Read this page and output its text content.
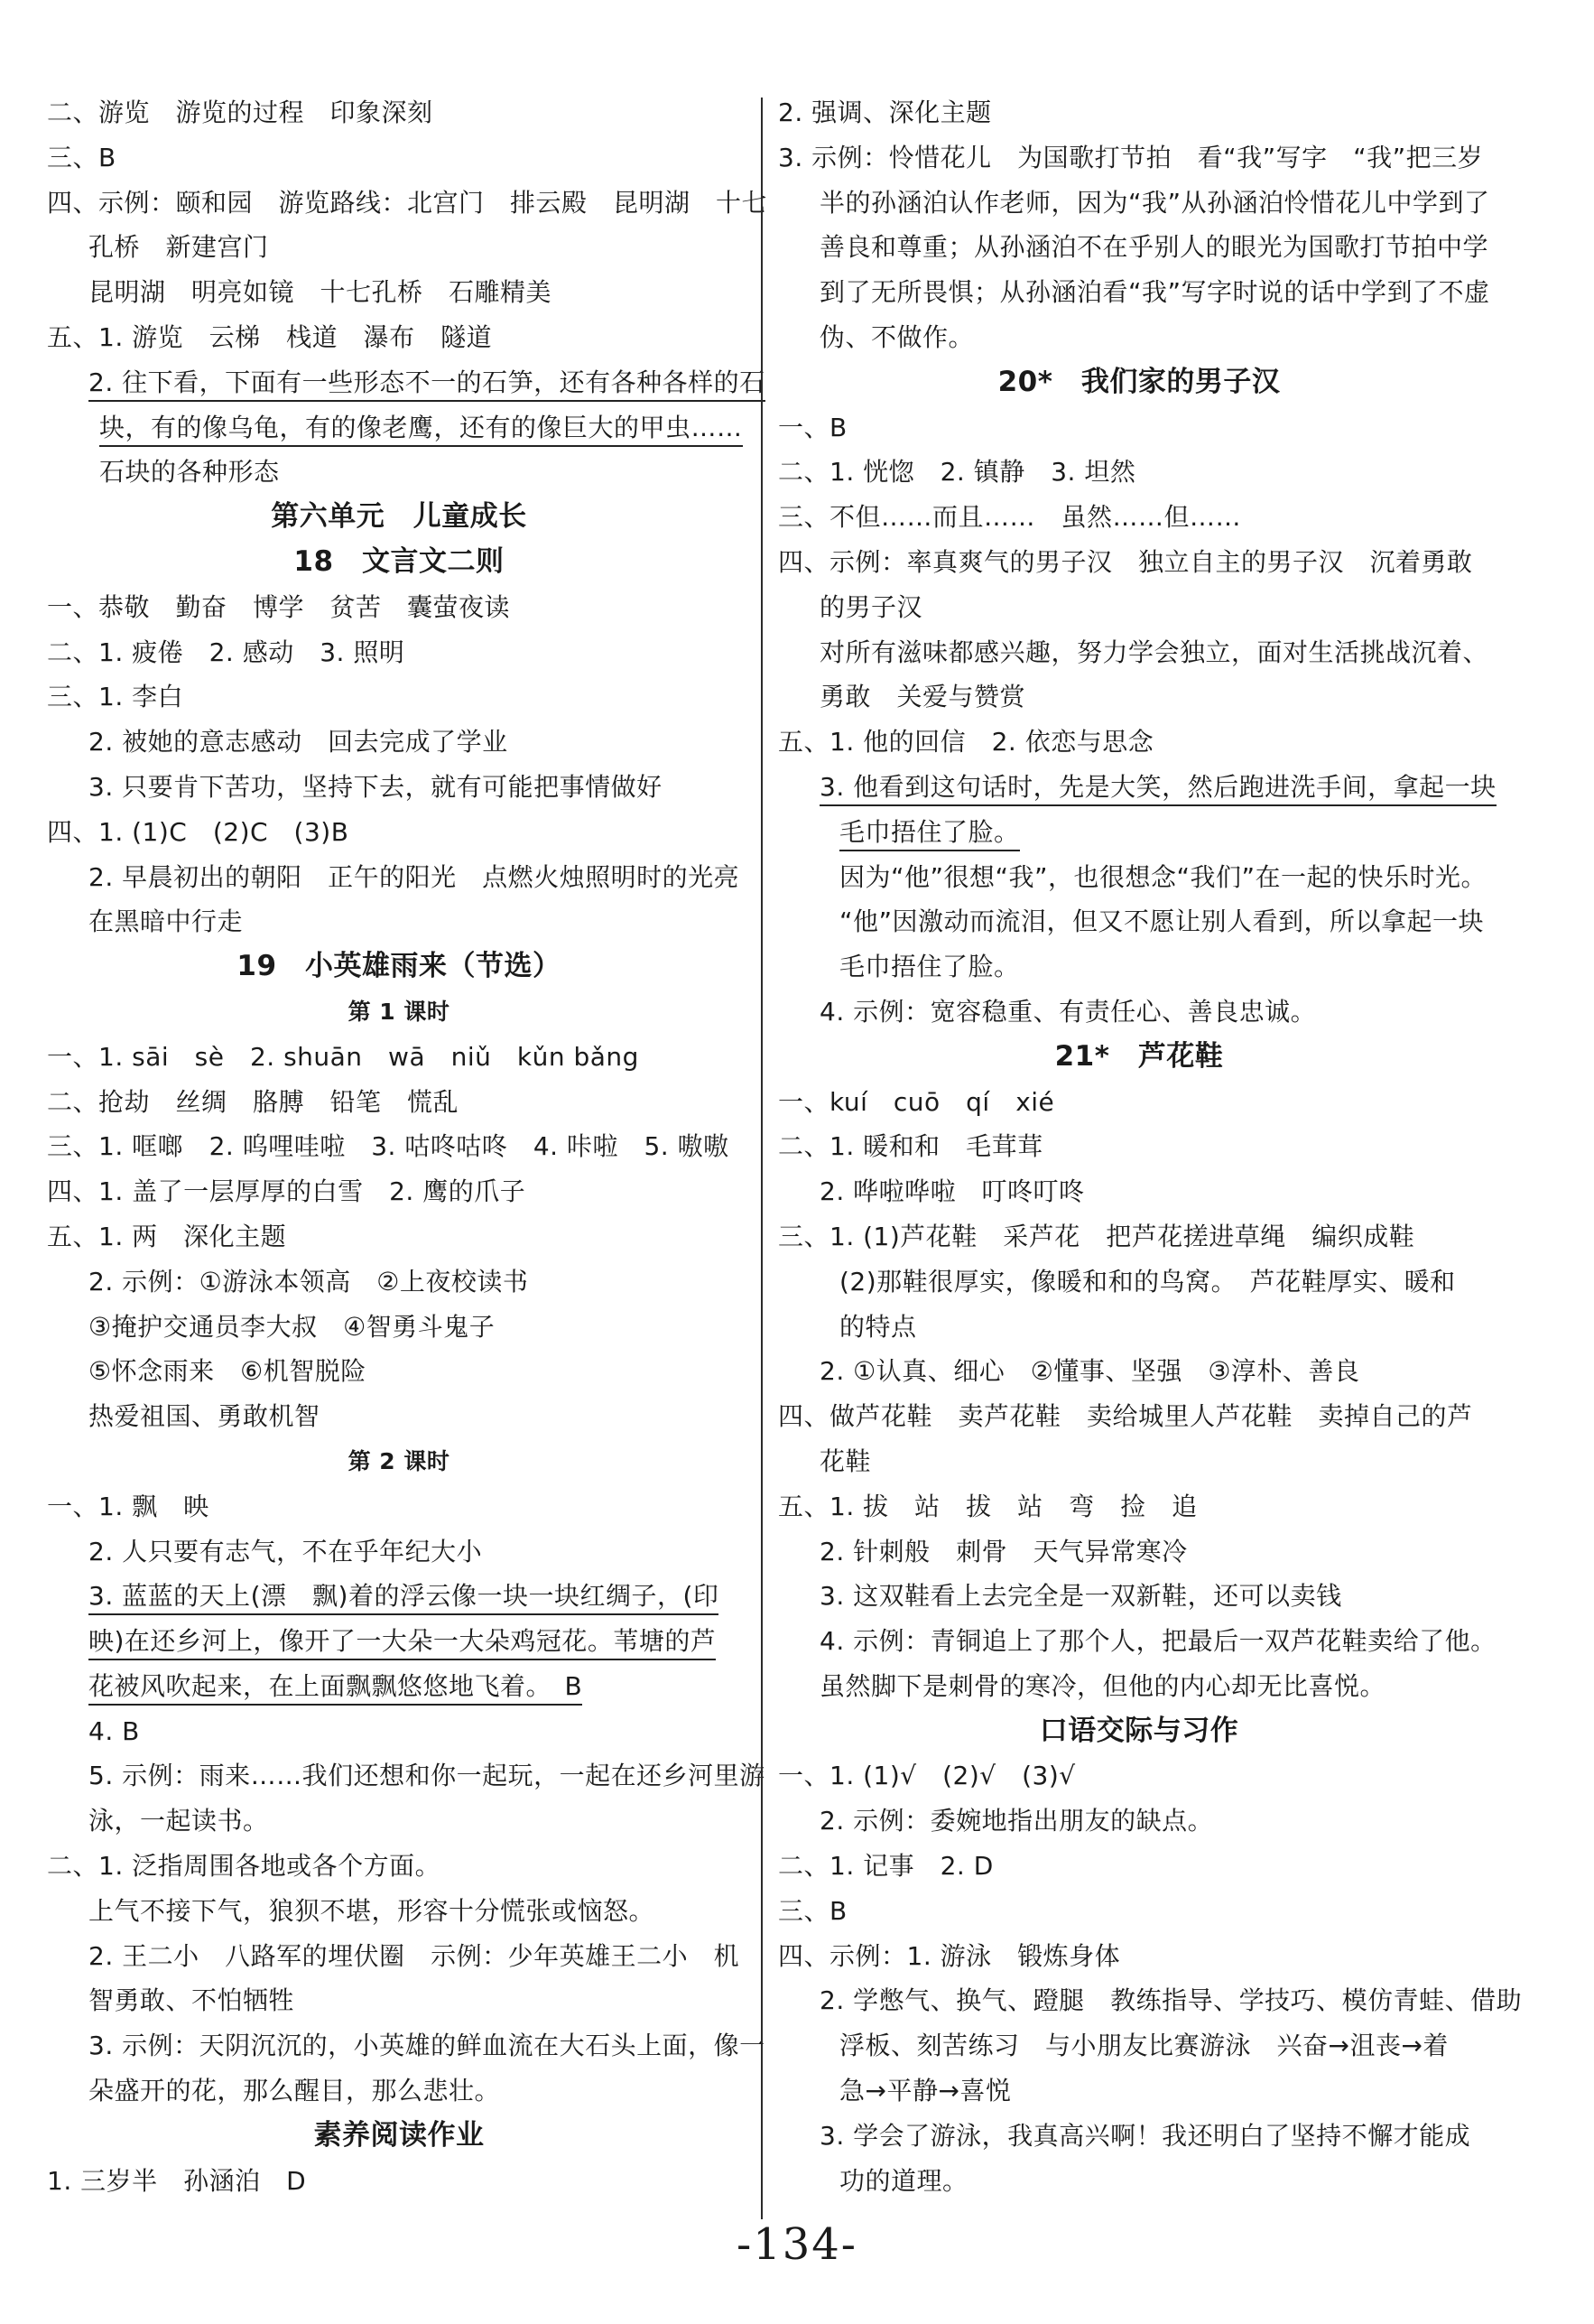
二、游览　游览的过程　印象深刻
三、B
四、示例：颐和园　游览路线：北宫门　排云殿　昆明湖　十七
孔桥　新建宫门
昆明湖　明亮如镜　十七孔桥　石雕精美
五、1. 游览　云梯　栈道　瀑布　隧道
2. 往下看，下面有一些形态不一的石笋，还有各种各样的石
块，有的像乌龟，有的像老鹰，还有的像巨大的甲虫……
石块的各种形态
第六单元　儿童成长
18　文言文二则
一、恭敬　勤奋　博学　贫苦　囊萤夜读
二、1. 疲倦　2. 感动　3. 照明
三、1. 李白
2. 被她的意志感动　回去完成了学业
3. 只要肯下苦功，坚持下去，就有可能把事情做好
四、1. (1)C　(2)C　(3)B
2. 早晨初出的朝阳　正午的阳光　点燃火烛照明时的光亮
在黑暗中行走
19　小英雄雨来（节选）
第 1 课时
一、1. sāi　sè　2. shuān　wā　niǔ　kǔn bǎng
二、抢劫　丝绸　胳膊　铅笔　慌乱
三、1. 哐啷　2. 呜哩哇啦　3. 咕咚咕咚　4. 咔啦　5. 嗷嗷
四、1. 盖了一层厚厚的白雪　2. 鹰的爪子
五、1. 两　深化主题
2. 示例：①游泳本领高　②上夜校读书
③掩护交通员李大叔　④智勇斗鬼子
⑤怀念雨来　⑥机智脱险
热爱祖国、勇敢机智
第 2 课时
一、1. 飘　映
2. 人只要有志气，不在乎年纪大小
3. 蓝蓝的天上(漂　飘)着的浮云像一块一块红绸子，(印
映)在还乡河上，像开了一大朵一大朵鸡冠花。苇塘的芦
花被风吹起来，在上面飘飘悠悠地飞着。　B
4. B
5. 示例：雨来……我们还想和你一起玩，一起在还乡河里游
泳，一起读书。
二、1. 泛指周围各地或各个方面。
上气不接下气，狼狈不堪，形容十分慌张或恼怒。
2. 王二小　八路军的埋伏圈　示例：少年英雄王二小　机
智勇敢、不怕牺牲
3. 示例：天阴沉沉的，小英雄的鲜血流在大石头上面，像一
朵盛开的花，那么醒目，那么悲壮。
素养阅读作业
1. 三岁半　孙涵泊　D
2. 强调、深化主题
3. 示例：怜惜花儿　为国歌打节拍　看“我”写字　“我”把三岁
半的孙涵泊认作老师，因为“我”从孙涵泊怜惜花儿中学到了
善良和尊重；从孙涵泊不在乎别人的眼光为国歌打节拍中学
到了无所畏惧；从孙涵泊看“我”写字时说的话中学到了不虚
伪、不做作。
20*　我们家的男子汉
一、B
二、1. 恍惚　2. 镇静　3. 坦然
三、不但……而且……　虽然……但……
四、示例：率真爽气的男子汉　独立自主的男子汉　沉着勇敢
的男子汉
对所有滋味都感兴趣，努力学会独立，面对生活挑战沉着、
勇敢　关爱与赞赏
五、1. 他的回信　2. 依恋与思念
3. 他看到这句话时，先是大笑，然后跑进洗手间，拿起一块
毛巾捂住了脸。
因为“他”很想“我”，也很想念“我们”在一起的快乐时光。
“他”因激动而流泪，但又不愿让别人看到，所以拿起一块
毛巾捂住了脸。
4. 示例：宽容稳重、有责任心、善良忠诚。
21*　芦花鞋
一、kuí　cuō　qí　xié
二、1. 暖和和　毛茸茸
2. 哗啦哗啦　叮咚叮咚
三、1. (1)芦花鞋　采芦花　把芦花搓进草绳　编织成鞋
(2)那鞋很厚实，像暖和和的鸟窝。　芦花鞋厚实、暖和
的特点
2. ①认真、细心　②懂事、坚强　③淳朴、善良
四、做芦花鞋　卖芦花鞋　卖给城里人芦花鞋　卖掉自己的芦
花鞋
五、1. 拔　站　拔　站　弯　捡　追
2. 针刺般　刺骨　天气异常寒冷
3. 这双鞋看上去完全是一双新鞋，还可以卖钱
4. 示例：青铜追上了那个人，把最后一双芦花鞋卖给了他。
虽然脚下是刺骨的寒冷，但他的内心却无比喜悦。
口语交际与习作
一、1. (1)√　(2)√　(3)√
2. 示例：委婉地指出朋友的缺点。
二、1. 记事　2. D
三、B
四、示例：1. 游泳　锻炼身体
2. 学憋气、换气、蹬腿　教练指导、学技巧、模仿青蛙、借助
浮板、刻苦练习　与小朋友比赛游泳　兴奋→沮丧→着
急→平静→喜悦
3. 学会了游泳，我真高兴啊！我还明白了坚持不懈才能成
功的道理。
-134-
